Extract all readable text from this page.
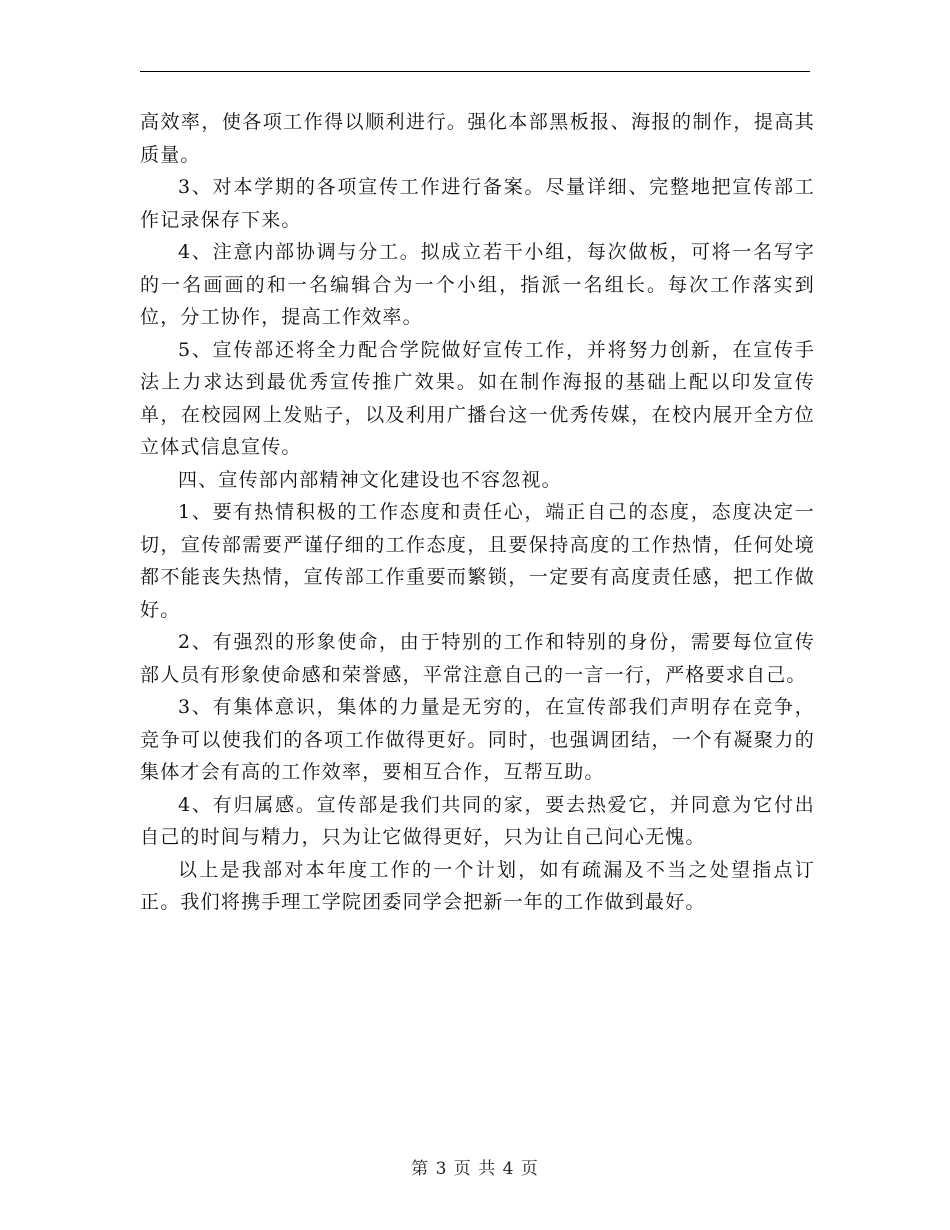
高效率，使各项工作得以顺利进行。强化本部黑板报、海报的制作，提高其质量。

3、对本学期的各项宣传工作进行备案。尽量详细、完整地把宣传部工作记录保存下来。

4、注意内部协调与分工。拟成立若干小组，每次做板，可将一名写字的一名画画的和一名编辑合为一个小组，指派一名组长。每次工作落实到位，分工协作，提高工作效率。

5、宣传部还将全力配合学院做好宣传工作，并将努力创新，在宣传手法上力求达到最优秀宣传推广效果。如在制作海报的基础上配以印发宣传单，在校园网上发贴子，以及利用广播台这一优秀传媒，在校内展开全方位立体式信息宣传。

四、宣传部内部精神文化建设也不容忽视。

1、要有热情积极的工作态度和责任心，端正自己的态度，态度决定一切，宣传部需要严谨仔细的工作态度，且要保持高度的工作热情，任何处境都不能丧失热情，宣传部工作重要而繁锁，一定要有高度责任感，把工作做好。

2、有强烈的形象使命，由于特别的工作和特别的身份，需要每位宣传部人员有形象使命感和荣誉感，平常注意自己的一言一行，严格要求自己。

3、有集体意识，集体的力量是无穷的，在宣传部我们声明存在竞争，竞争可以使我们的各项工作做得更好。同时，也强调团结，一个有凝聚力的集体才会有高的工作效率，要相互合作，互帮互助。

4、有归属感。宣传部是我们共同的家，要去热爱它，并同意为它付出自己的时间与精力，只为让它做得更好，只为让自己问心无愧。

以上是我部对本年度工作的一个计划，如有疏漏及不当之处望指点订正。我们将携手理工学院团委同学会把新一年的工作做到最好。

第 3 页 共 4 页
